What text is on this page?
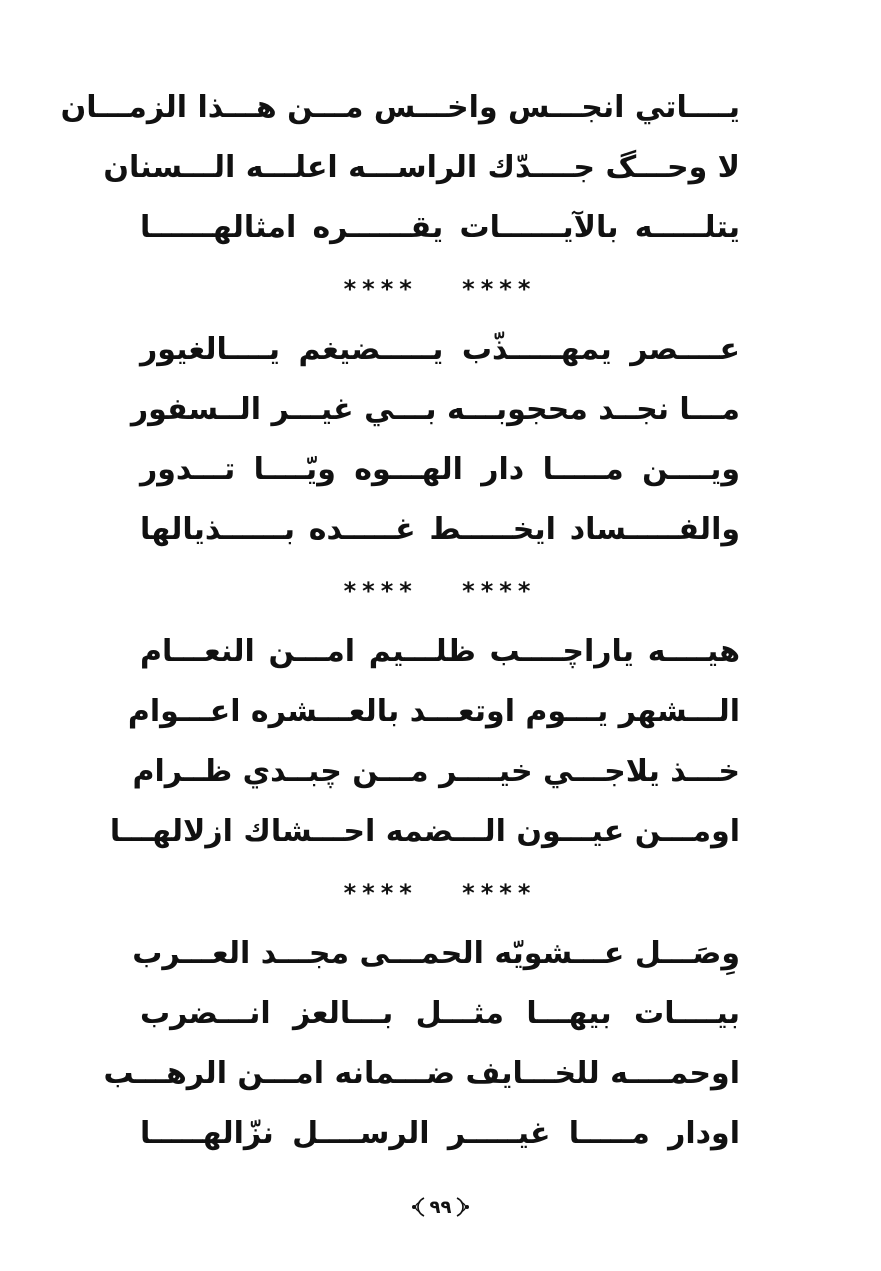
يــــاتي انجـــس واخـــس مـــن هـــذا الزمـــان
لا وحـــگ جــــدّك الراســـه اعلـــه الـــسنان
يتلـــــه بالآيــــــات يقــــــره امثالهــــــا
**** ****
عــــصر يمهـــــذّب يـــــضيغم يــــالغيور
مـــا نجــد محجوبـــه بـــي غيـــر الــسفور
ويــــن مـــــا دار الهـــوه ويّــــا تـــدور
والفـــــساد ايخـــــط غـــــده بــــــذيالها
**** ****
هيــــه ياراچــــب ظلـــيم امـــن النعـــام
الـــشهر يـــوم اوتعـــد بالعـــشره اعـــوام
خـــذ يلاجـــي خيــــر مـــن چبــدي ظــرام
اومـــن عيـــون الـــضمه احـــشاك ازلالهـــا
**** ****
وِصَـــل عـــشويّه الحمـــى مجـــد العـــرب
بيــــات بيهـــا مثـــل بـــالعز انـــضرب
اوحمــــه للخـــايف ضـــمانه امـــن الرهـــب
اودار مـــــا غيـــــر الرســــل نزّالهـــــا
٩٩
